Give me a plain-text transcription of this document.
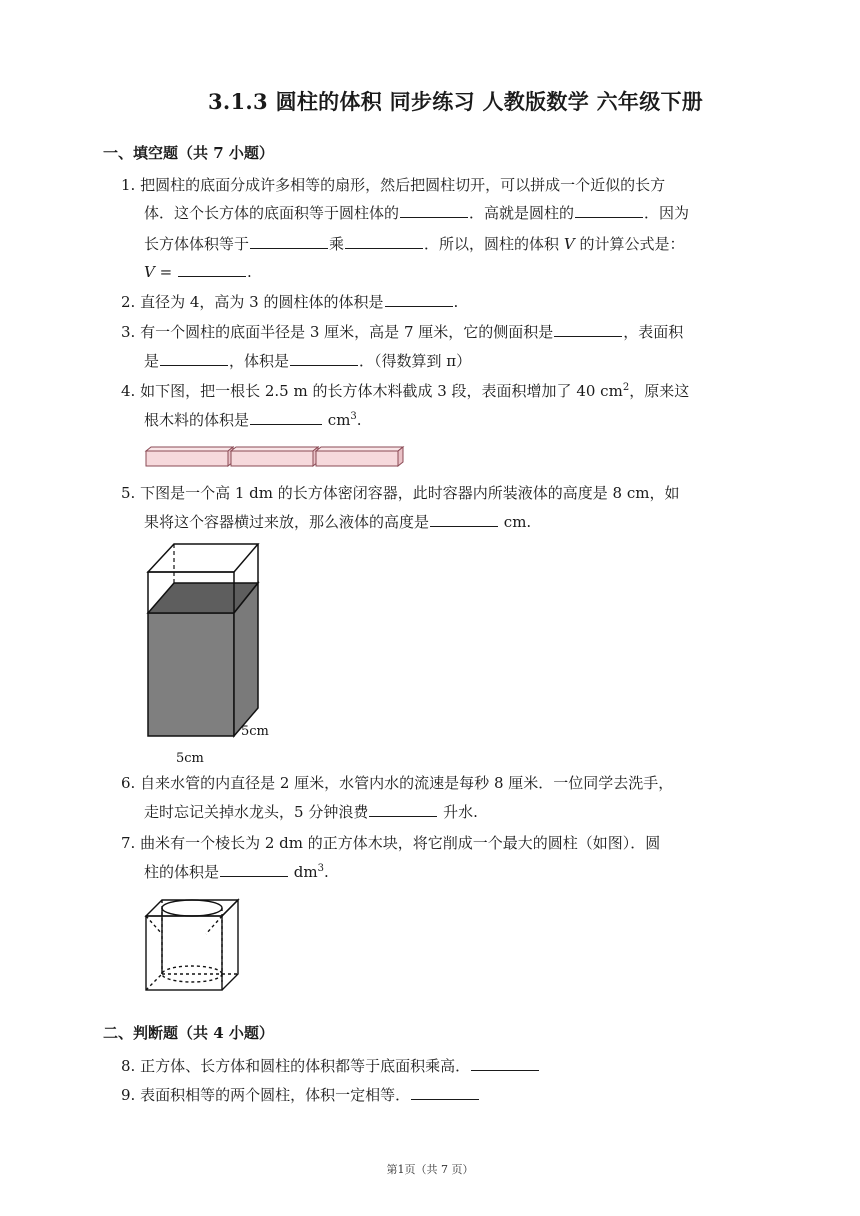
3.1.3 圆柱的体积 同步练习 人教版数学 六年级下册
一、填空题（共 7 小题）
1. 把圆柱的底面分成许多相等的扇形，然后把圆柱切开，可以拼成一个近似的长方
体．这个长方体的底面积等于圆柱体的	．高就是圆柱的	．因为
长方体体积等于	乘	．所以，圆柱的体积 V 的计算公式是：
V =	.
2. 直径为 4，高为 3 的圆柱体的体积是	.
3. 有一个圆柱的底面半径是 3 厘米，高是 7 厘米，它的侧面积是	，表面积
是	，体积是	．（得数算到 π）
4. 如下图，把一根长 2.5 m 的长方体木料截成 3 段，表面积增加了 40 $cm^2$，原来这
根木料的体积是	$cm^3$.
5. 下图是一个高 1 dm 的长方体密闭容器，此时容器内所装液体的高度是 8 cm，如
果将这个容器横过来放，那么液体的高度是	cm.
5cm
5cm
6. 自来水管的内直径是 2 厘米，水管内水的流速是每秒 8 厘米．一位同学去洗手，
走时忘记关掉水龙头，5 分钟浪费	升水.
7. 曲米有一个棱长为 2 dm 的正方体木块，将它削成一个最大的圆柱（如图）．圆
柱的体积是	$dm^3$.
二、判断题（共 4 小题）
8. 正方体、长方体和圆柱的体积都等于底面积乘高．
9. 表面积相等的两个圆柱，体积一定相等．
第1页（共 7 页）
